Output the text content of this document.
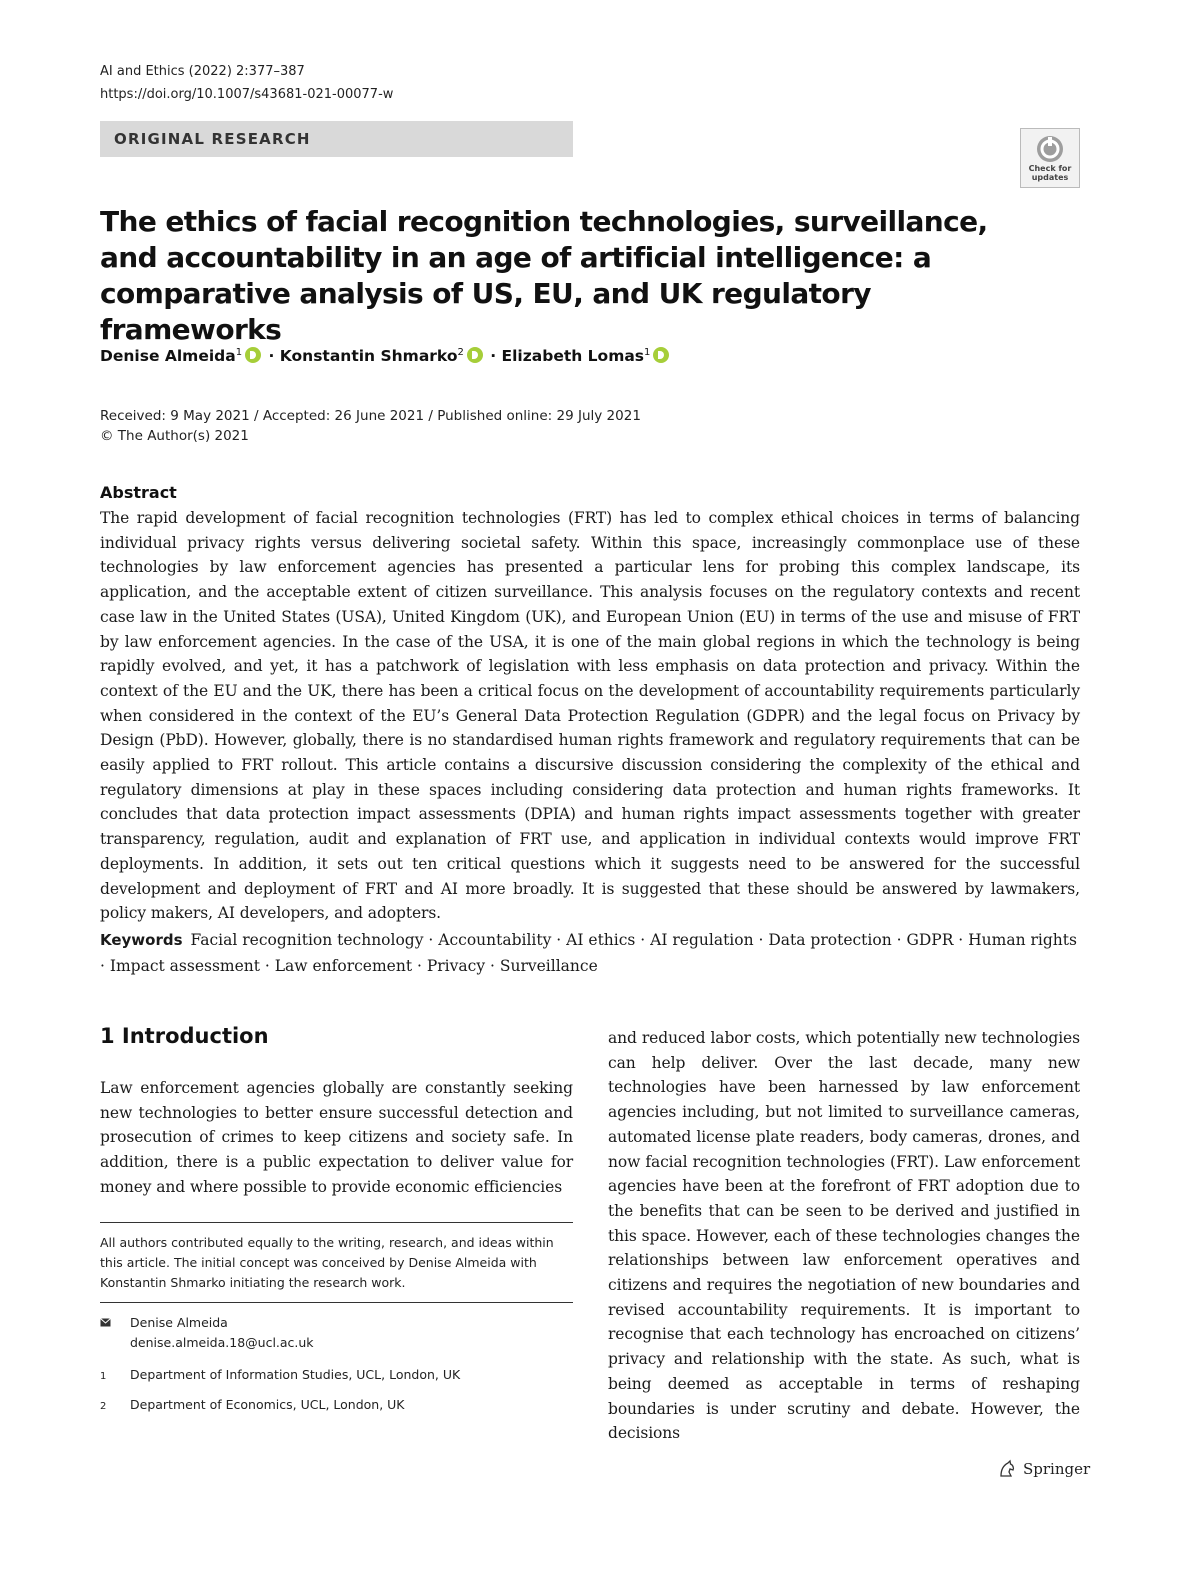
AI and Ethics (2022) 2:377–387
https://doi.org/10.1007/s43681-021-00077-w
ORIGINAL RESEARCH
Check for updates
The ethics of facial recognition technologies, surveillance, and accountability in an age of artificial intelligence: a comparative analysis of US, EU, and UK regulatory frameworks
Denise Almeida$^1$ · Konstantin Shmarko$^2$ · Elizabeth Lomas$^1$
Received: 9 May 2021 / Accepted: 26 June 2021 / Published online: 29 July 2021
© The Author(s) 2021
Abstract

The rapid development of facial recognition technologies (FRT) has led to complex ethical choices in terms of balancing individual privacy rights versus delivering societal safety. Within this space, increasingly commonplace use of these technologies by law enforcement agencies has presented a particular lens for probing this complex landscape, its application, and the acceptable extent of citizen surveillance. This analysis focuses on the regulatory contexts and recent case law in the United States (USA), United Kingdom (UK), and European Union (EU) in terms of the use and misuse of FRT by law enforcement agencies. In the case of the USA, it is one of the main global regions in which the technology is being rapidly evolved, and yet, it has a patchwork of legislation with less emphasis on data protection and privacy. Within the context of the EU and the UK, there has been a critical focus on the development of accountability requirements particularly when considered in the context of the EU’s General Data Protection Regulation (GDPR) and the legal focus on Privacy by Design (PbD). However, globally, there is no standardised human rights framework and regulatory requirements that can be easily applied to FRT rollout. This article contains a discursive discussion considering the complexity of the ethical and regulatory dimensions at play in these spaces including considering data protection and human rights frameworks. It concludes that data protection impact assessments (DPIA) and human rights impact assessments together with greater transparency, regulation, audit and explanation of FRT use, and application in individual contexts would improve FRT deployments. In addition, it sets out ten critical questions which it suggests need to be answered for the successful development and deployment of FRT and AI more broadly. It is suggested that these should be answered by lawmakers, policy makers, AI developers, and adopters.

Keywords Facial recognition technology · Accountability · AI ethics · AI regulation · Data protection · GDPR · Human rights · Impact assessment · Law enforcement · Privacy · Surveillance

1 Introduction

Law enforcement agencies globally are constantly seeking new technologies to better ensure successful detection and prosecution of crimes to keep citizens and society safe. In addition, there is a public expectation to deliver value for money and where possible to provide economic efficiencies

and reduced labor costs, which potentially new technologies can help deliver. Over the last decade, many new technologies have been harnessed by law enforcement agencies including, but not limited to surveillance cameras, automated license plate readers, body cameras, drones, and now facial recognition technologies (FRT). Law enforcement agencies have been at the forefront of FRT adoption due to the benefits that can be seen to be derived and justified in this space. However, each of these technologies changes the relationships between law enforcement operatives and citizens and requires the negotiation of new boundaries and revised accountability requirements. It is important to recognise that each technology has encroached on citizens’ privacy and relationship with the state. As such, what is being deemed as acceptable in terms of reshaping boundaries is under scrutiny and debate. However, the decisions

All authors contributed equally to the writing, research, and ideas within this article. The initial concept was conceived by Denise Almeida with Konstantin Shmarko initiating the research work.

Denise Almeida
denise.almeida.18@ucl.ac.uk
1	Department of Information Studies, UCL, London, UK
2	Department of Economics, UCL, London, UK
Springer
